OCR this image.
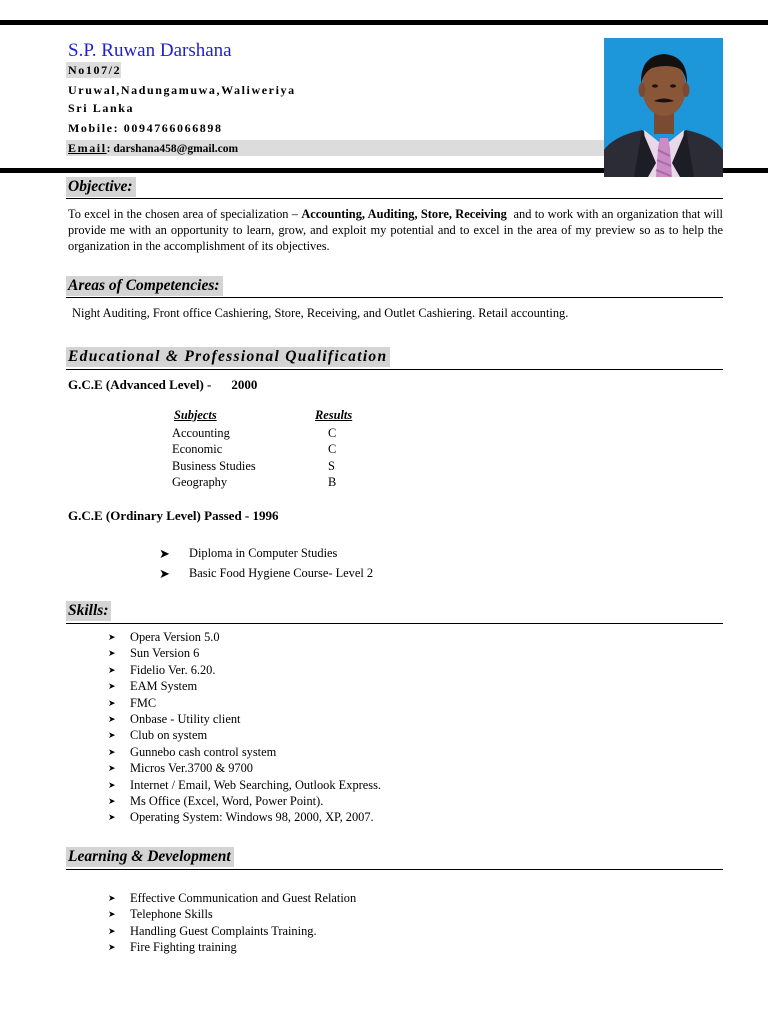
S.P. Ruwan Darshana
No107/2
Uruwal,Nadungamuwa,Waliweriya
Sri Lanka
Mobile: 0094766066898
Email: darshana458@gmail.com
Objective:
To excel in the chosen area of specialization – Accounting, Auditing, Store, Receiving  and to work with an organization that will provide me with an opportunity to learn, grow, and exploit my potential and to excel in the area of my preview so as to help the organization in the accomplishment of its objectives.
Areas of Competencies:
Night Auditing, Front office Cashiering, Store, Receiving, and Outlet Cashiering. Retail accounting.
Educational & Professional Qualification
G.C.E (Advanced Level) - 2000
Subjects	Results
Accounting
Economic
Business Studies
Geography
C
C
S
B
G.C.E (Ordinary Level) Passed - 1996
➤ Diploma in Computer Studies
➤ Basic Food Hygiene Course- Level 2
Skills:
➤ Opera Version 5.0
➤ Sun Version 6
➤ Fidelio Ver. 6.20.
➤ EAM System
➤ FMC
➤ Onbase - Utility client
➤ Club on system
➤ Gunnebo cash control system
➤ Micros Ver.3700 & 9700
➤ Internet / Email, Web Searching, Outlook Express.
➤ Ms Office (Excel, Word, Power Point).
➤ Operating System: Windows 98, 2000, XP, 2007.
Learning & Development
➤ Effective Communication and Guest Relation
➤ Telephone Skills
➤ Handling Guest Complaints Training.
➤ Fire Fighting training
